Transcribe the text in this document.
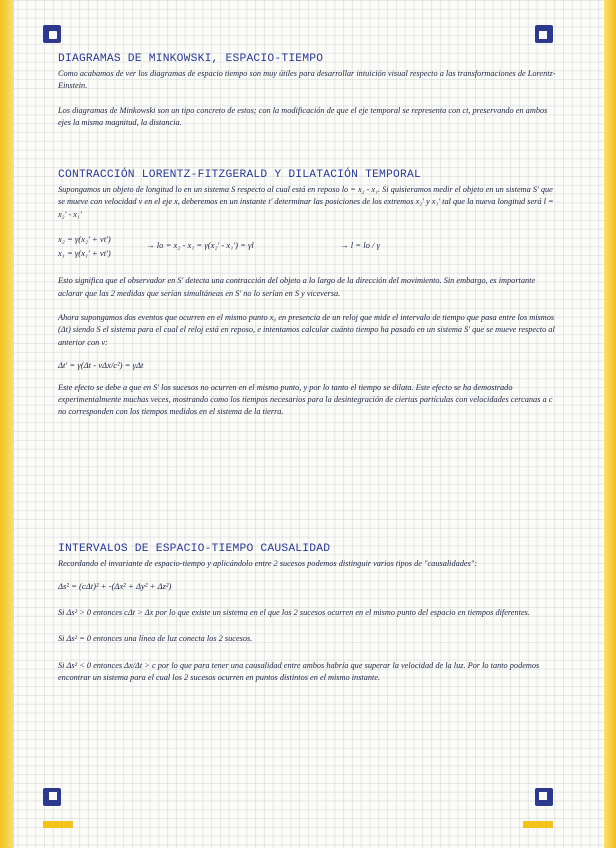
DIAGRAMAS DE MINKOWSKI, ESPACIO-TIEMPO

Como acabamos de ver los diagramas de espacio tiempo son muy útiles para desarrollar intuición visual respecto a las transformaciones de Lorentz-Einstein.

Los diagramas de Minkowski son un tipo concreto de estos; con la modificación de que el eje temporal se representa con ct, preservando en ambos ejes la misma magnitud, la distancia.

CONTRACCIÓN LORENTZ-FITZGERALD Y DILATACIÓN TEMPORAL

Supongamos un objeto de longitud lo en un sistema S respecto al cual está en reposo lo = x₂ - x₁. Si quisieramos medir el objeto en un sistema S' que se mueve con velocidad v en el eje x, deberemos en un instante t' determinar las posiciones de los extremos x₂' y x₁' tal que la nueva longitud será l = x₂' - x₁'

x₂ = γ(x₂' + vt')

x₁ = γ(x₁' + vt')

→ lo = x₂ - x₁ = γ(x₂' - x₁') = γl	→ l = lo / γ

Esto significa que el observador en S' detecta una contracción del objeto a lo largo de la dirección del movimiento. Sin embargo, es importante aclarar que las 2 medidas que serían simultáneas en S' no lo serían en S y viceversa.

Ahora supongamos dos eventos que ocurren en el mismo punto x₀ en presencia de un reloj que mide el intervalo de tiempo que pasa entre los mismos (Δt) siendo S el sistema para el cual el reloj está en reposo, e intentamos calcular cuánto tiempo ha pasado en un sistema S' que se mueve respecto al anterior con v:

Δt' = γ(Δt - vΔx/c²) = γΔt

Este efecto se debe a que en S' los sucesos no ocurren en el mismo punto, y por lo tanto el tiempo se dilata. Este efecto se ha demostrado experimentalmente muchas veces, mostrando como los tiempos necesarios para la desintegración de ciertas partículas con velocidades cercanas a c no corresponden con los tiempos medidos en el sistema de la tierra.

INTERVALOS DE ESPACIO-TIEMPO CAUSALIDAD

Recordando el invariante de espacio-tiempo y aplicándolo entre 2 sucesos podemos distinguir varios tipos de "causalidades":

Δs² = (cΔt)² + -(Δx² + Δy² + Δz²)

Si Δs² > 0 entonces cΔt > Δx por lo que existe un sistema en el que los 2 sucesos ocurren en el mismo punto del espacio en tiempos diferentes.

Si Δs² = 0 entonces una línea de luz conecta los 2 sucesos.

Si Δs² < 0 entonces Δx/Δt > c por lo que para tener una causalidad entre ambos habría que superar la velocidad de la luz. Por lo tanto podemos encontrar un sistema para el cual los 2 sucesos ocurren en puntos distintos en el mismo instante.
